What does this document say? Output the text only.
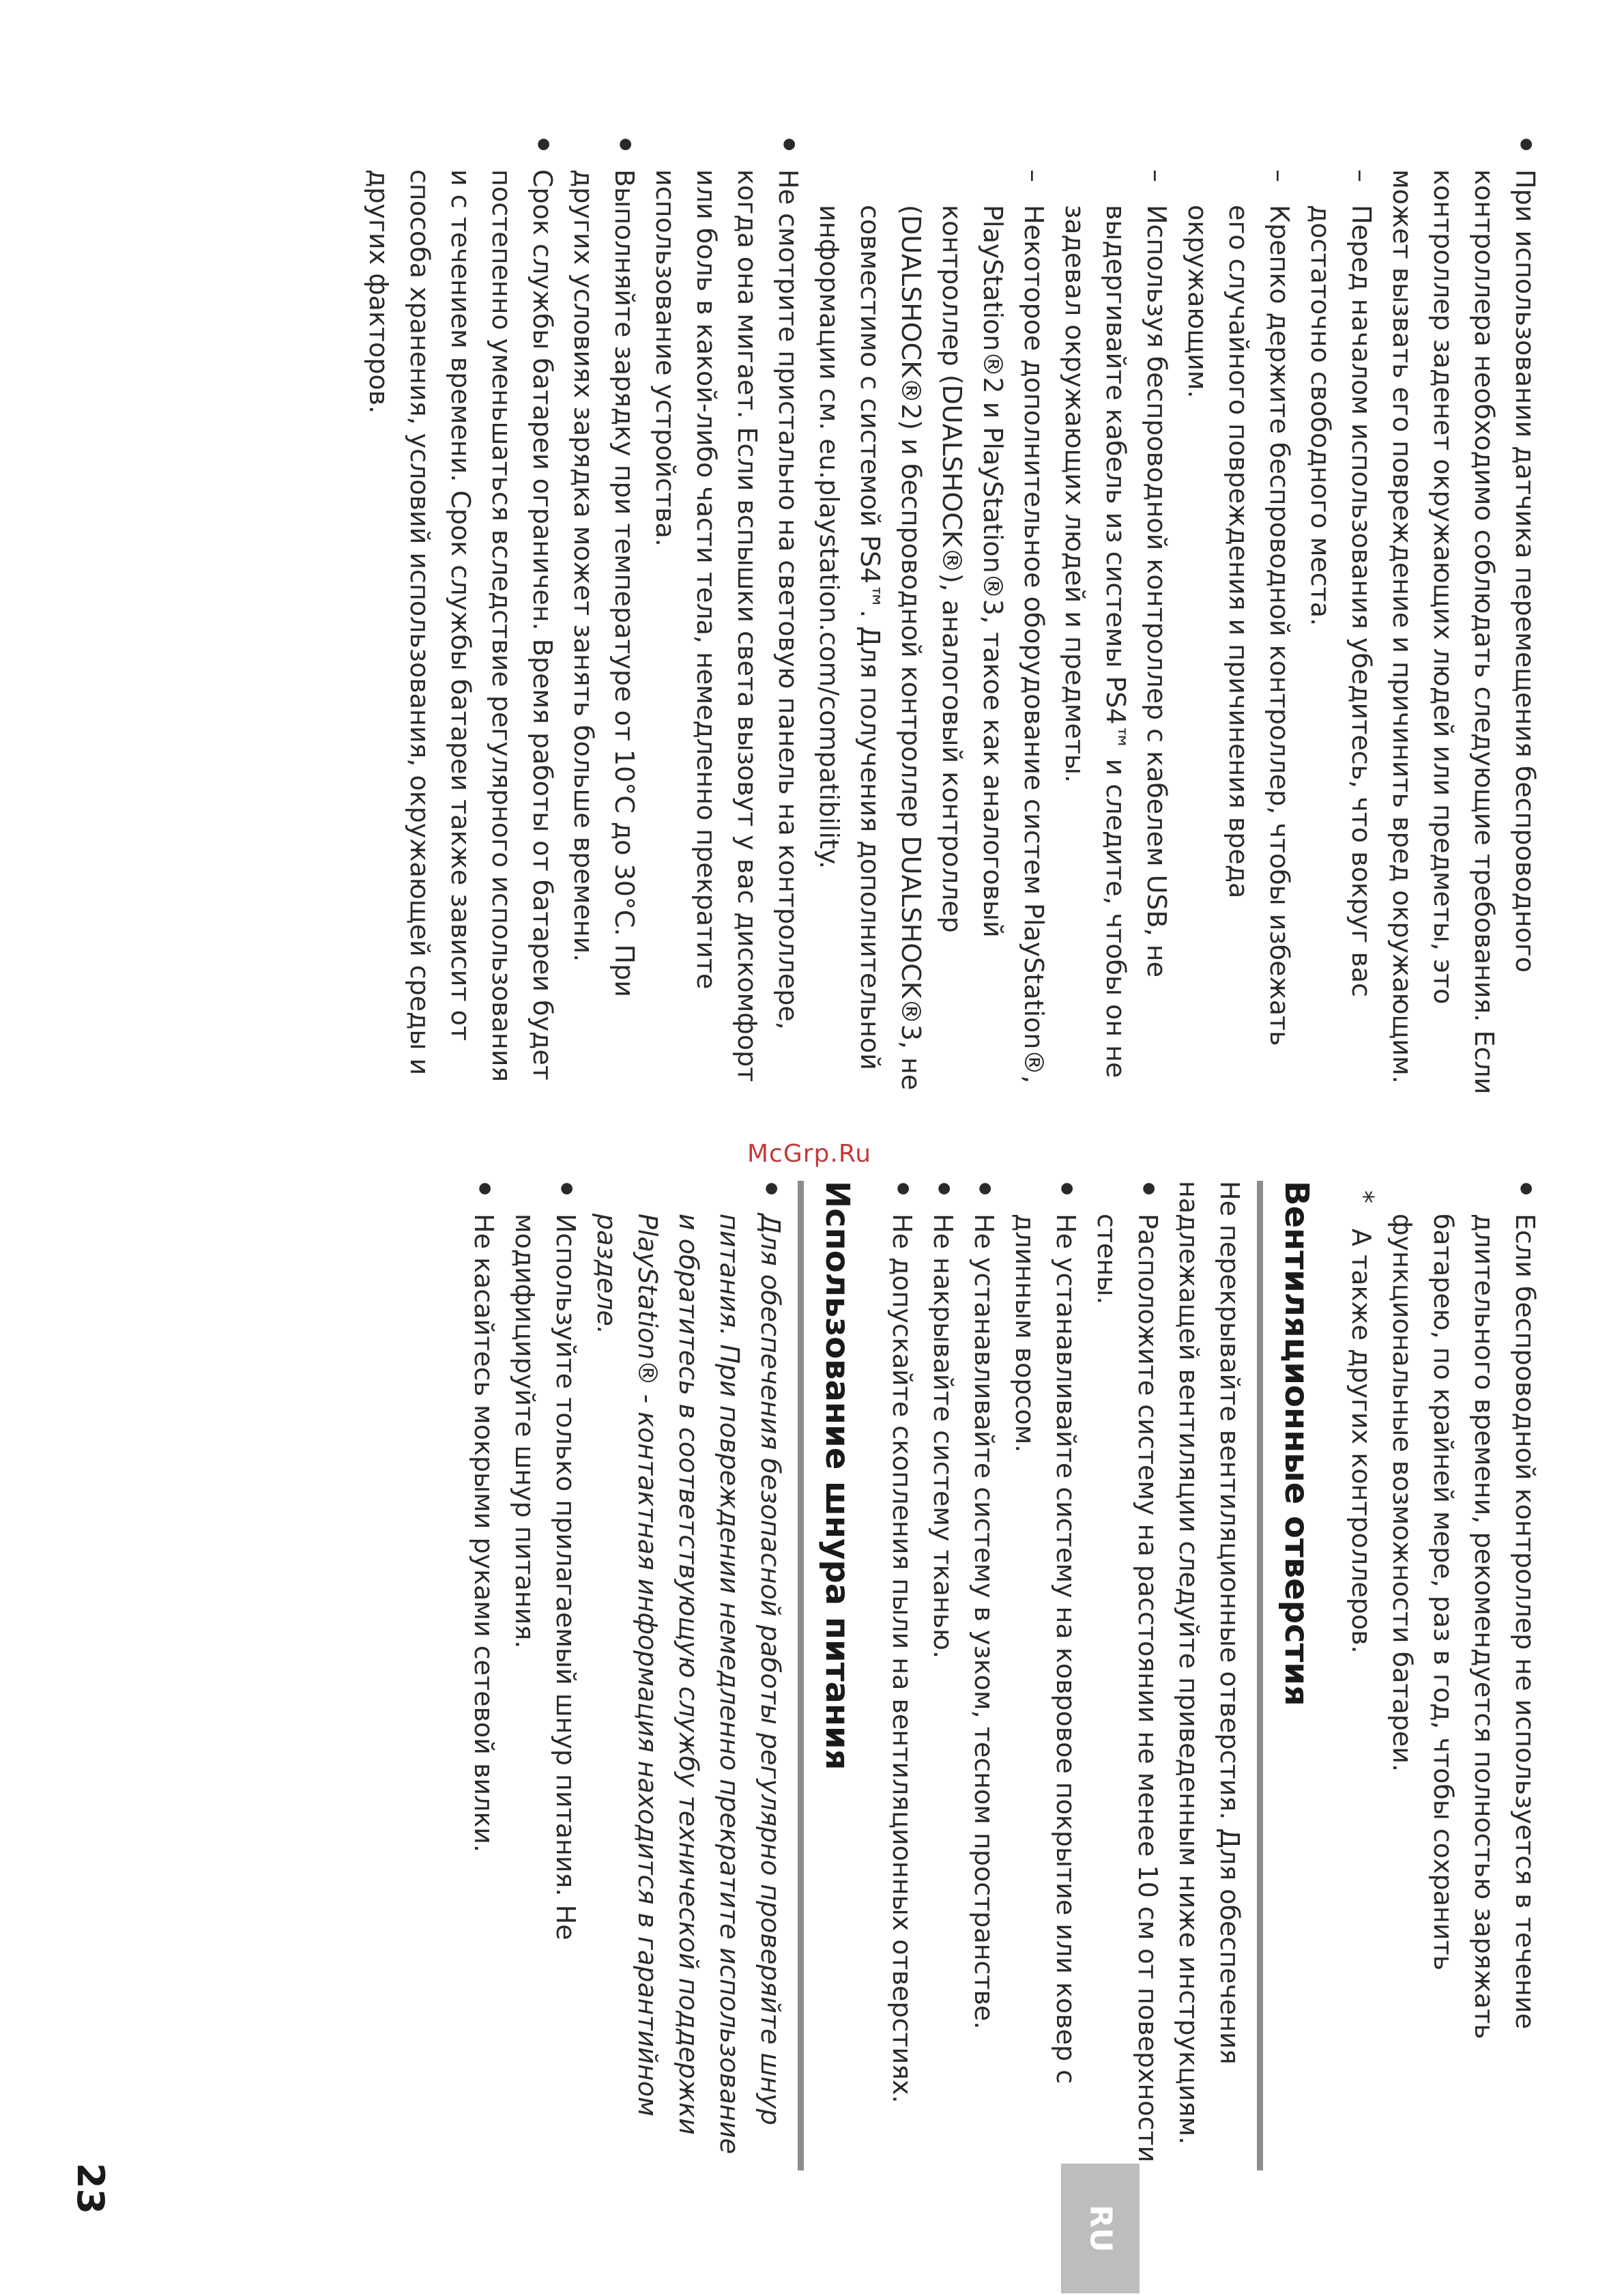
● При использовании датчика перемещения беспроводного контроллера необходимо соблюдать следующие требования. Если контроллер заденет окружающих людей или предметы, это может вызвать его повреждение и причинить вред окружающим.

– Перед началом использования убедитесь, что вокруг вас достаточно свободного места.

– Крепко держите беспроводной контроллер, чтобы избежать его случайного повреждения и причинения вреда окружающим.

– Используя беспроводной контроллер с кабелем USB, не выдергивайте кабель из системы PS4™ и следите, чтобы он не задевал окружающих людей и предметы.

– Некоторое дополнительное оборудование систем PlayStation®, PlayStation®2 и PlayStation®3, такое как аналоговый контроллер (DUALSHOCK®), аналоговый контроллер (DUALSHOCK®2) и беспроводной контроллер DUALSHOCK®3, не совместимо с системой PS4™. Для получения дополнительной информации см. eu.playstation.com/compatibility.

● Не смотрите пристально на световую панель на контроллере, когда она мигает. Если вспышки света вызовут у вас дискомфорт или боль в какой-либо части тела, немедленно прекратите использование устройства.

● Выполняйте зарядку при температуре от 10°C до 30°C. При других условиях зарядка может занять больше времени.

● Срок службы батареи ограничен. Время работы от батареи будет постепенно уменьшаться вследствие регулярного использования и с течением времени. Срок службы батареи также зависит от способа хранения, условий использования, окружающей среды и других факторов.

● Если беспроводной контроллер не используется в течение длительного времени, рекомендуется полностью заряжать батарею, по крайней мере, раз в год, чтобы сохранить функциональные возможности батареи.

* А также других контроллеров.

Вентиляционные отверстия

Не перекрывайте вентиляционные отверстия. Для обеспечения надлежащей вентиляции следуйте приведенным ниже инструкциям.

● Расположите систему на расстоянии не менее 10 см от поверхности стены.

● Не устанавливайте систему на ковровое покрытие или ковер с длинным ворсом.

● Не устанавливайте систему в узком, тесном пространстве.

● Не накрывайте систему тканью.

● Не допускайте скопления пыли на вентиляционных отверстиях.

Использование шнура питания

● Для обеспечения безопасной работы регулярно проверяйте шнур питания. При повреждении немедленно прекратите использование и обратитесь в соответствующую службу технической поддержки PlayStation® - контактная информация находится в гарантийном разделе.

● Используйте только прилагаемый шнур питания. Не модифицируйте шнур питания.

● Не касайтесь мокрыми руками сетевой вилки.

McGrp.Ru
RU
23
